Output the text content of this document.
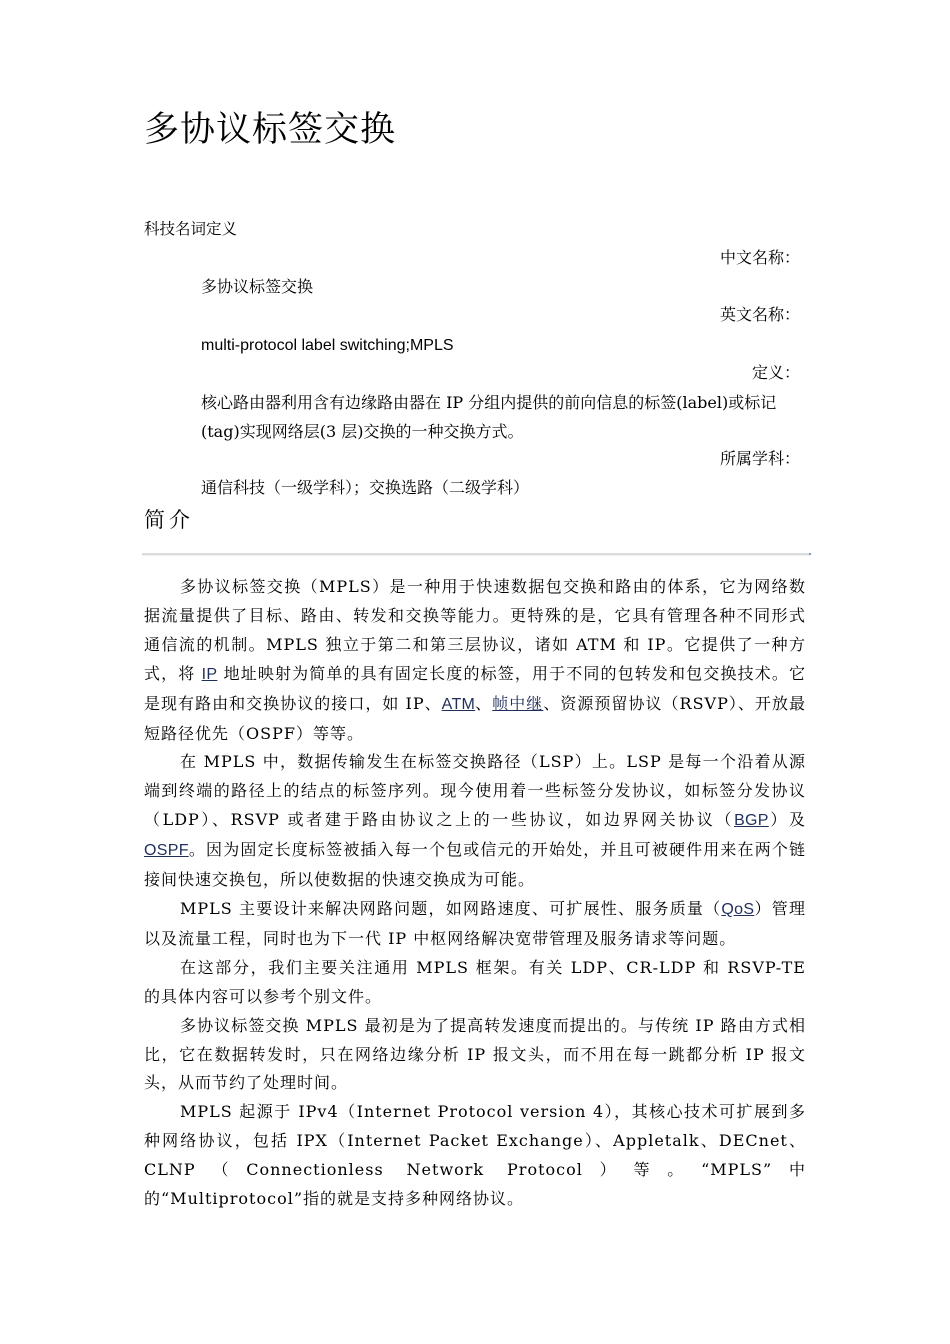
多协议标签交换
科技名词定义
中文名称：
多协议标签交换
英文名称：
multi-protocol label switching;MPLS
定义：
核心路由器利用含有边缘路由器在 IP 分组内提供的前向信息的标签(label)或标记
(tag)实现网络层(3 层)交换的一种交换方式。
所属学科：
通信科技（一级学科）；交换选路（二级学科）
简介

多协议标签交换（MPLS）是一种用于快速数据包交换和路由的体系，它为网络数据流量提供了目标、路由、转发和交换等能力。更特殊的是，它具有管理各种不同形式通信流的机制。MPLS 独立于第二和第三层协议，诸如 ATM 和 IP。它提供了一种方式，将 IP 地址映射为简单的具有固定长度的标签，用于不同的包转发和包交换技术。它是现有路由和交换协议的接口，如 IP、ATM、帧中继、资源预留协议（RSVP）、开放最短路径优先（OSPF）等等。

在 MPLS 中，数据传输发生在标签交换路径（LSP）上。LSP 是每一个沿着从源端到终端的路径上的结点的标签序列。现今使用着一些标签分发协议，如标签分发协议（LDP）、RSVP 或者建于路由协议之上的一些协议，如边界网关协议（BGP）及 OSPF。因为固定长度标签被插入每一个包或信元的开始处，并且可被硬件用来在两个链接间快速交换包，所以使数据的快速交换成为可能。

MPLS 主要设计来解决网路问题，如网路速度、可扩展性、服务质量（QoS）管理以及流量工程，同时也为下一代 IP 中枢网络解决宽带管理及服务请求等问题。

在这部分，我们主要关注通用 MPLS 框架。有关 LDP、CR-LDP 和 RSVP-TE 的具体内容可以参考个别文件。

多协议标签交换 MPLS 最初是为了提高转发速度而提出的。与传统 IP 路由方式相比，它在数据转发时，只在网络边缘分析 IP 报文头，而不用在每一跳都分析 IP 报文头，从而节约了处理时间。

MPLS 起源于 IPv4（Internet Protocol version 4），其核心技术可扩展到多种网络协议，包括 IPX（Internet Packet Exchange）、Appletalk、DECnet、CLNP（Connectionless Network Protocol）等。“MPLS”中的“Multiprotocol”指的就是支持多种网络协议。
